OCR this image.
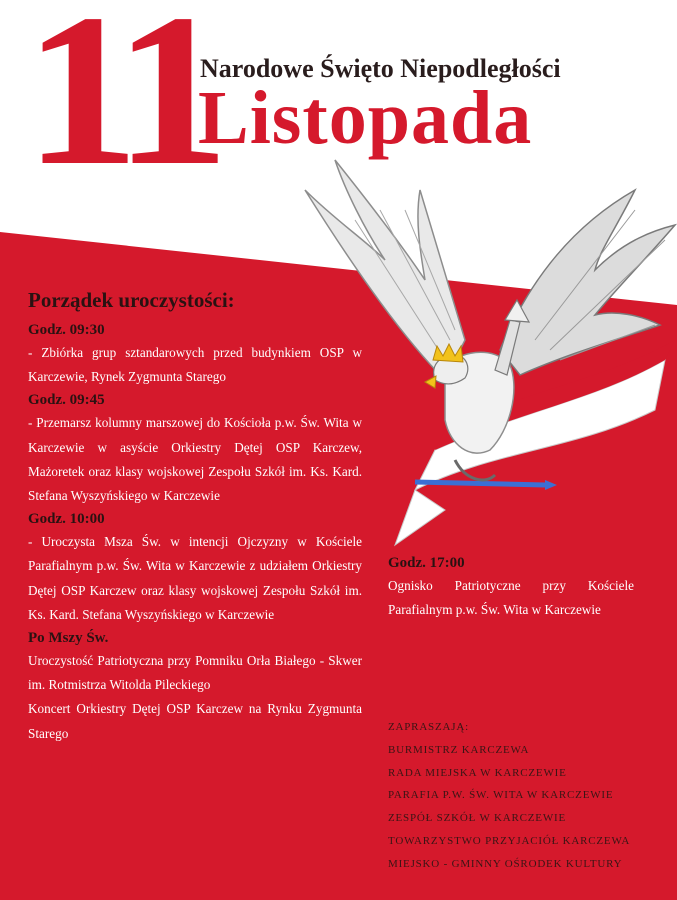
11
Narodowe Święto Niepodległości
Listopada
Porządek uroczystości:
Godz. 09:30
- Zbiórka grup sztandarowych przed budynkiem OSP w Karczewie, Rynek Zygmunta Starego
Godz. 09:45
- Przemarsz kolumny marszowej do Kościoła p.w. Św. Wita w Karczewie w asyście Orkiestry Dętej OSP Karczew, Mażoretek oraz klasy wojskowej Zespołu Szkół im. Ks. Kard. Stefana Wyszyńskiego w Karczewie
Godz. 10:00
- Uroczysta Msza Św. w intencji Ojczyzny w Kościele Parafialnym p.w. Św. Wita w Karczewie z udziałem Orkiestry Dętej OSP Karczew oraz klasy wojskowej Zespołu Szkół im. Ks. Kard. Stefana Wyszyńskiego w Karczewie
Po Mszy Św.
Uroczystość Patriotyczna przy Pomniku Orła Białego - Skwer im. Rotmistrza Witolda Pileckiego
Koncert Orkiestry Dętej OSP Karczew na Rynku Zygmunta Starego
Godz. 17:00
Ognisko Patriotyczne przy Kościele Parafialnym p.w. Św. Wita w Karczewie
ZAPRASZAJĄ:
BURMISTRZ KARCZEWA
RADA MIEJSKA W KARCZEWIE
PARAFIA P.W. ŚW. WITA W KARCZEWIE
ZESPÓŁ SZKÓŁ W KARCZEWIE
TOWARZYSTWO PRZYJACIÓŁ KARCZEWA
MIEJSKO - GMINNY OŚRODEK KULTURY
